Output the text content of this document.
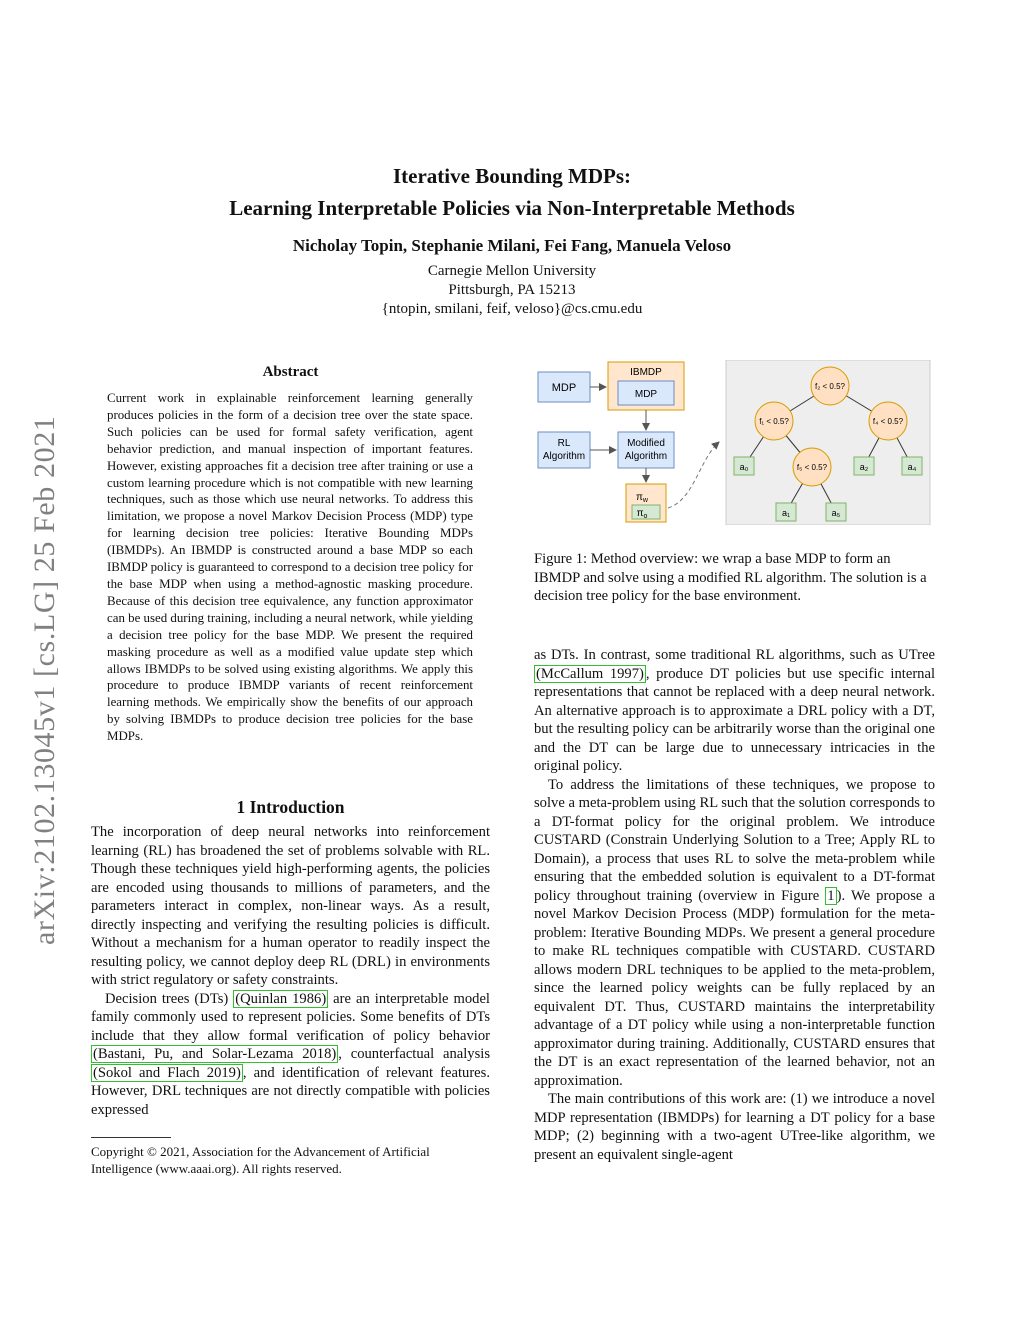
Iterative Bounding MDPs:
Learning Interpretable Policies via Non-Interpretable Methods
Nicholay Topin, Stephanie Milani, Fei Fang, Manuela Veloso
Carnegie Mellon University
Pittsburgh, PA 15213
{ntopin, smilani, feif, veloso}@cs.cmu.edu
arXiv:2102.13045v1 [cs.LG] 25 Feb 2021
Abstract
Current work in explainable reinforcement learning generally produces policies in the form of a decision tree over the state space. Such policies can be used for formal safety verification, agent behavior prediction, and manual inspection of important features. However, existing approaches fit a decision tree after training or use a custom learning procedure which is not compatible with new learning techniques, such as those which use neural networks. To address this limitation, we propose a novel Markov Decision Process (MDP) type for learning decision tree policies: Iterative Bounding MDPs (IBMDPs). An IBMDP is constructed around a base MDP so each IBMDP policy is guaranteed to correspond to a decision tree policy for the base MDP when using a method-agnostic masking procedure. Because of this decision tree equivalence, any function approximator can be used during training, including a neural network, while yielding a decision tree policy for the base MDP. We present the required masking procedure as well as a modified value update step which allows IBMDPs to be solved using existing algorithms. We apply this procedure to produce IBMDP variants of recent reinforcement learning methods. We empirically show the benefits of our approach by solving IBMDPs to produce decision tree policies for the base MDPs.
1 Introduction

The incorporation of deep neural networks into reinforcement learning (RL) has broadened the set of problems solvable with RL. Though these techniques yield high-performing agents, the policies are encoded using thousands to millions of parameters, and the parameters interact in complex, non-linear ways. As a result, directly inspecting and verifying the resulting policies is difficult. Without a mechanism for a human operator to readily inspect the resulting policy, we cannot deploy deep RL (DRL) in environments with strict regulatory or safety constraints.

Decision trees (DTs) (Quinlan 1986) are an interpretable model family commonly used to represent policies. Some benefits of DTs include that they allow formal verification of policy behavior (Bastani, Pu, and Solar-Lezama 2018) , counterfactual analysis (Sokol and Flach 2019) , and identification of relevant features. However, DRL techniques are not directly compatible with policies expressed

Copyright © 2021, Association for the Advancement of Artificial Intelligence (www.aaai.org). All rights reserved.
MDP
IBMDP
MDP
RL
Algorithm
Modified
Algorithm
$\pi_w$
$\pi_o$
f₂ < 0.5?
f₁ < 0.5?	f₄ < 0.5?
f₅ < 0.5?
a₀	a₂	a₄
a₁	a₅
Figure 1: Method overview: we wrap a base MDP to form an IBMDP and solve using a modified RL algorithm. The solution is a decision tree policy for the base environment.

as DTs. In contrast, some traditional RL algorithms, such as UTree (McCallum 1997) , produce DT policies but use specific internal representations that cannot be replaced with a deep neural network. An alternative approach is to approximate a DRL policy with a DT, but the resulting policy can be arbitrarily worse than the original one and the DT can be large due to unnecessary intricacies in the original policy.

To address the limitations of these techniques, we propose to solve a meta-problem using RL such that the solution corresponds to a DT-format policy for the original problem. We introduce CUSTARD (Constrain Underlying Solution to a Tree; Apply RL to Domain), a process that uses RL to solve the meta-problem while ensuring that the embedded solution is equivalent to a DT-format policy throughout training (overview in Figure 1 ). We propose a novel Markov Decision Process (MDP) formulation for the meta-problem: Iterative Bounding MDPs. We present a general procedure to make RL techniques compatible with CUSTARD. CUSTARD allows modern DRL techniques to be applied to the meta-problem, since the learned policy weights can be fully replaced by an equivalent DT. Thus, CUSTARD maintains the interpretability advantage of a DT policy while using a non-interpretable function approximator during training. Additionally, CUSTARD ensures that the DT is an exact representation of the learned behavior, not an approximation.

The main contributions of this work are: (1) we introduce a novel MDP representation (IBMDPs) for learning a DT policy for a base MDP; (2) beginning with a two-agent UTree-like algorithm, we present an equivalent single-agent
